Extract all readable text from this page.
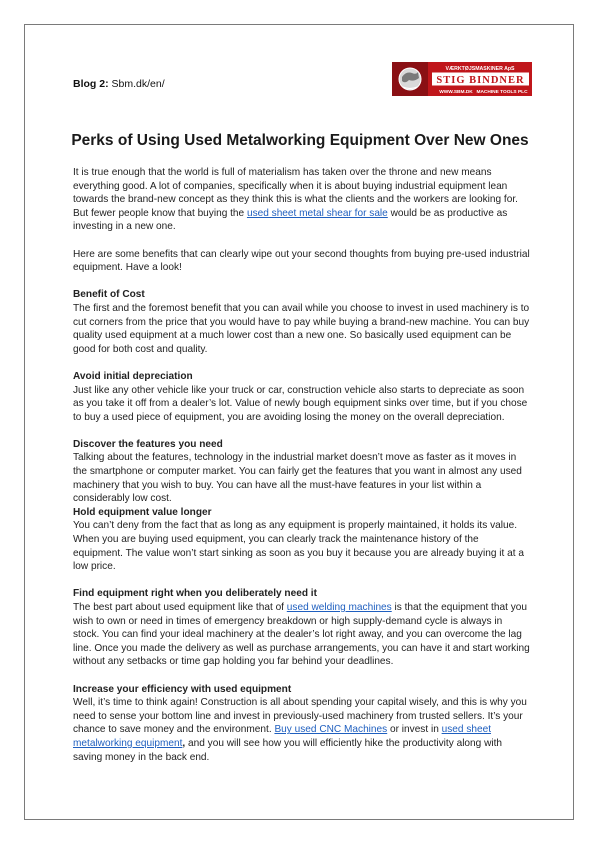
Blog 2: Sbm.dk/en/
VÆRKTØJSMASKINER ApS
STIG BINDNER
WWW.SBM.DK MACHINE TOOLS PLC
Perks of Using Used Metalworking Equipment Over New Ones

It is true enough that the world is full of materialism has taken over the throne and new means everything good. A lot of companies, specifically when it is about buying industrial equipment lean towards the brand-new concept as they think this is what the clients and the workers are looking for. But fewer people know that buying the used sheet metal shear for sale would be as productive as investing in a new one.

Here are some benefits that can clearly wipe out your second thoughts from buying pre-used industrial equipment. Have a look!

Benefit of Cost

The first and the foremost benefit that you can avail while you choose to invest in used machinery is to cut corners from the price that you would have to pay while buying a brand-new machine. You can buy quality used equipment at a much lower cost than a new one. So basically used equipment can be good for both cost and quality.

Avoid initial depreciation

Just like any other vehicle like your truck or car, construction vehicle also starts to depreciate as soon as you take it off from a dealer’s lot. Value of newly bough equipment sinks over time, but if you chose to buy a used piece of equipment, you are avoiding losing the money on the overall depreciation.

Discover the features you need

Talking about the features, technology in the industrial market doesn’t move as faster as it moves in the smartphone or computer market. You can fairly get the features that you want in almost any used machinery that you wish to buy. You can have all the must-have features in your list within a considerably low cost.

Hold equipment value longer

You can’t deny from the fact that as long as any equipment is properly maintained, it holds its value. When you are buying used equipment, you can clearly track the maintenance history of the equipment. The value won’t start sinking as soon as you buy it because you are already buying it at a low price.

Find equipment right when you deliberately need it

The best part about used equipment like that of used welding machines is that the equipment that you wish to own or need in times of emergency breakdown or high supply-demand cycle is always in stock. You can find your ideal machinery at the dealer’s lot right away, and you can overcome the lag line. Once you made the delivery as well as purchase arrangements, you can have it and start working without any setbacks or time gap holding you far behind your deadlines.

Increase your efficiency with used equipment

Well, it’s time to think again! Construction is all about spending your capital wisely, and this is why you need to sense your bottom line and invest in previously-used machinery from trusted sellers. It’s your chance to save money and the environment. Buy used CNC Machines or invest in used sheet metalworking equipment, and you will see how you will efficiently hike the productivity along with saving money in the back end.
